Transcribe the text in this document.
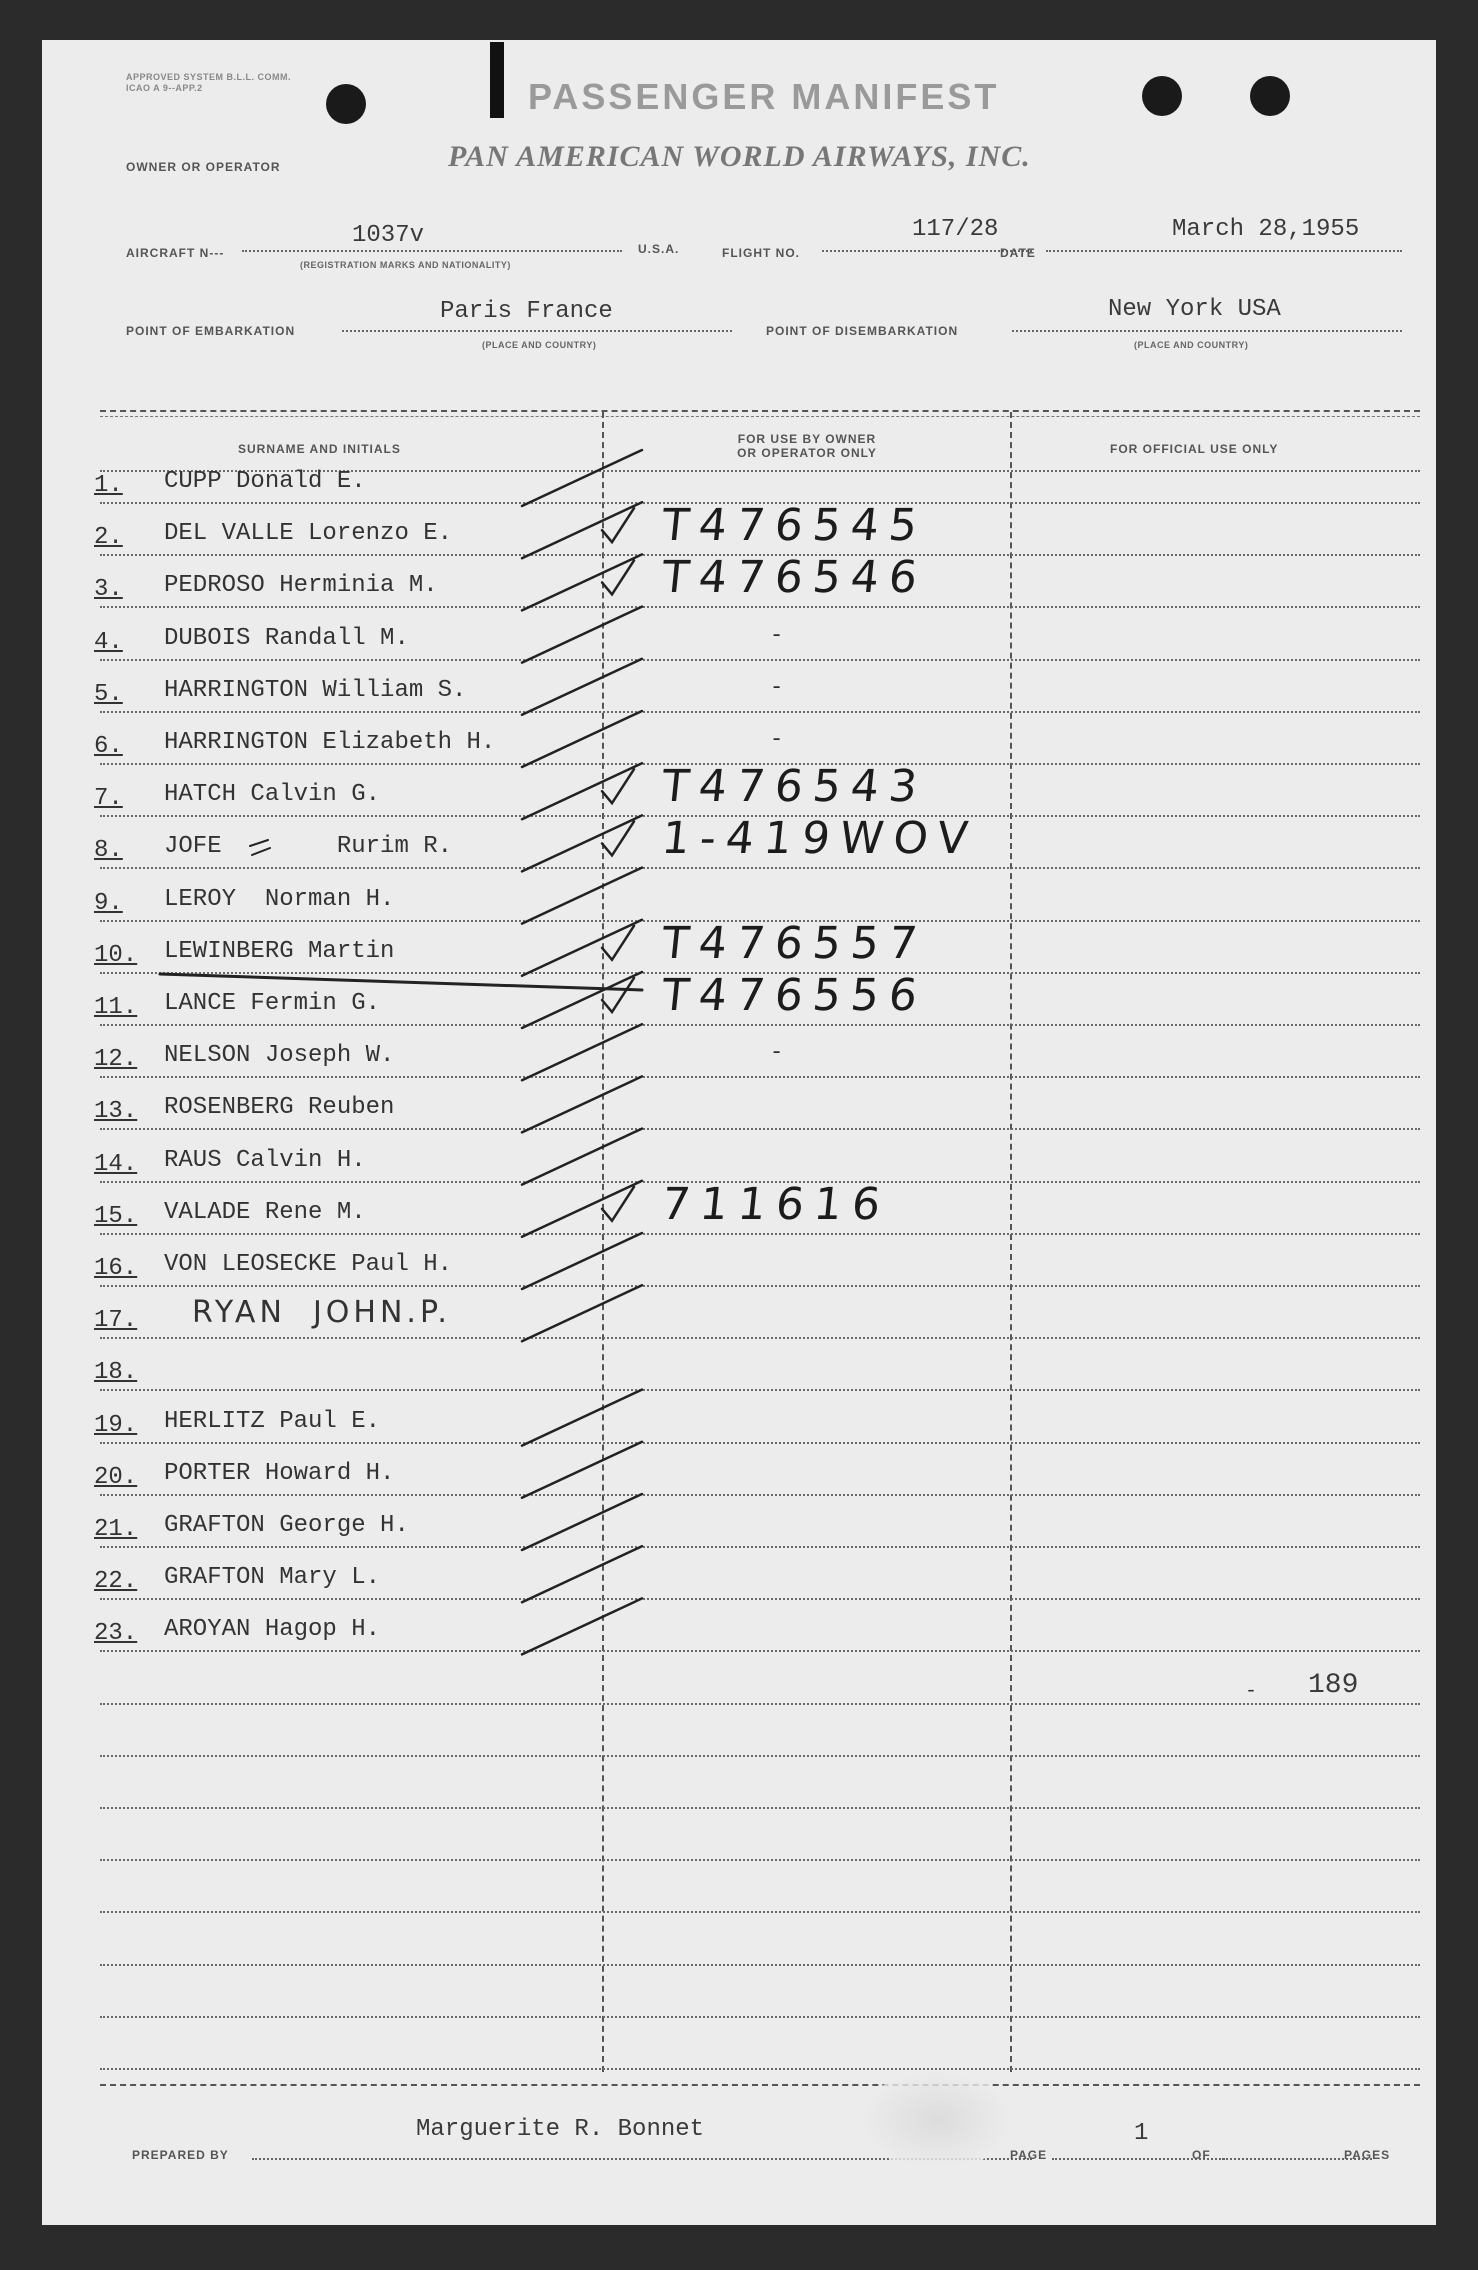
APPROVED SYSTEM B.L.L. COMM. ICAO A 9--APP.2	PASSENGER MANIFEST
OWNER OR OPERATOR	PAN AMERICAN WORLD AIRWAYS, INC.
AIRCRAFT N---
1037v
(REGISTRATION MARKS AND NATIONALITY)
U.S.A.	FLIGHT NO.
117/28
DATE
March 28,1955
POINT OF EMBARKATION
Paris France
(PLACE AND COUNTRY)
POINT OF DISEMBARKATION
New York USA
(PLACE AND COUNTRY)
SURNAME AND INITIALS
FOR USE BY OWNER
OR OPERATOR ONLY	FOR OFFICIAL USE ONLY
1. CUPP Donald E.
2. DEL VALLE Lorenzo E.	T476545
3. PEDROSO Herminia M.	T476546
4. DUBOIS Randall M.	-
5. HARRINGTON William S.	-
6. HARRINGTON Elizabeth H.	-
7. HATCH Calvin G.	T476543
8. JOFE        Rurim R.	1-419WOV
9. LEROY  Norman H.
10. LEWINBERG Martin	T476557
11. LANCE Fermin G.	T476556
12. NELSON Joseph W.	-
13. ROSENBERG Reuben
14. RAUS Calvin H.
15. VALADE Rene M.	711616
16. VON LEOSECKE Paul H.
17. RYAN  JOHN.P.
18.
19. HERLITZ Paul E.
20. PORTER Howard H.
21. GRAFTON George H.
22. GRAFTON Mary L.
23. AROYAN Hagop H.
- 189
PREPARED BY
Marguerite R. Bonnet
PAGE
1
OF	PAGES
